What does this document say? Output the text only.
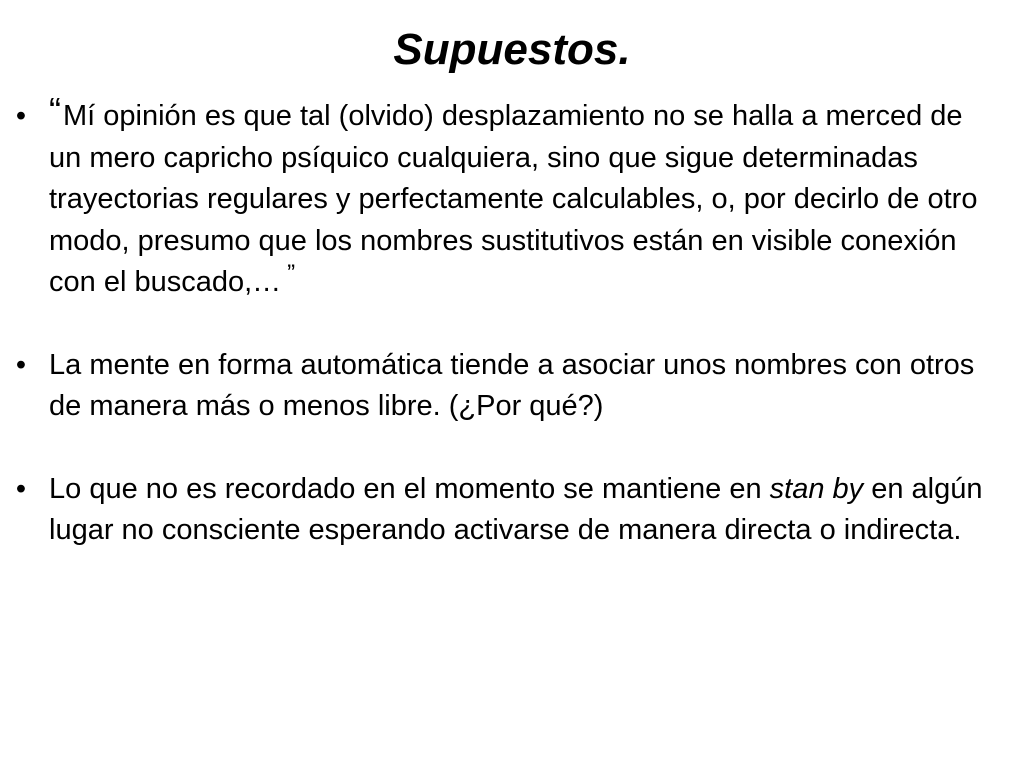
Supuestos.
• “Mí opinión es que tal (olvido) desplazamiento no se halla a merced de un mero capricho psíquico cualquiera, sino que sigue determinadas trayectorias regulares y perfectamente calculables, o, por decirlo de otro modo, presumo que los nombres sustitutivos están en visible conexión con el buscado,… ”
• La mente en forma automática tiende a asociar unos nombres con otros de manera más o menos libre. (¿Por qué?)
• Lo que no es recordado en el momento se mantiene en stan by en algún lugar no consciente esperando activarse de manera directa o indirecta.
